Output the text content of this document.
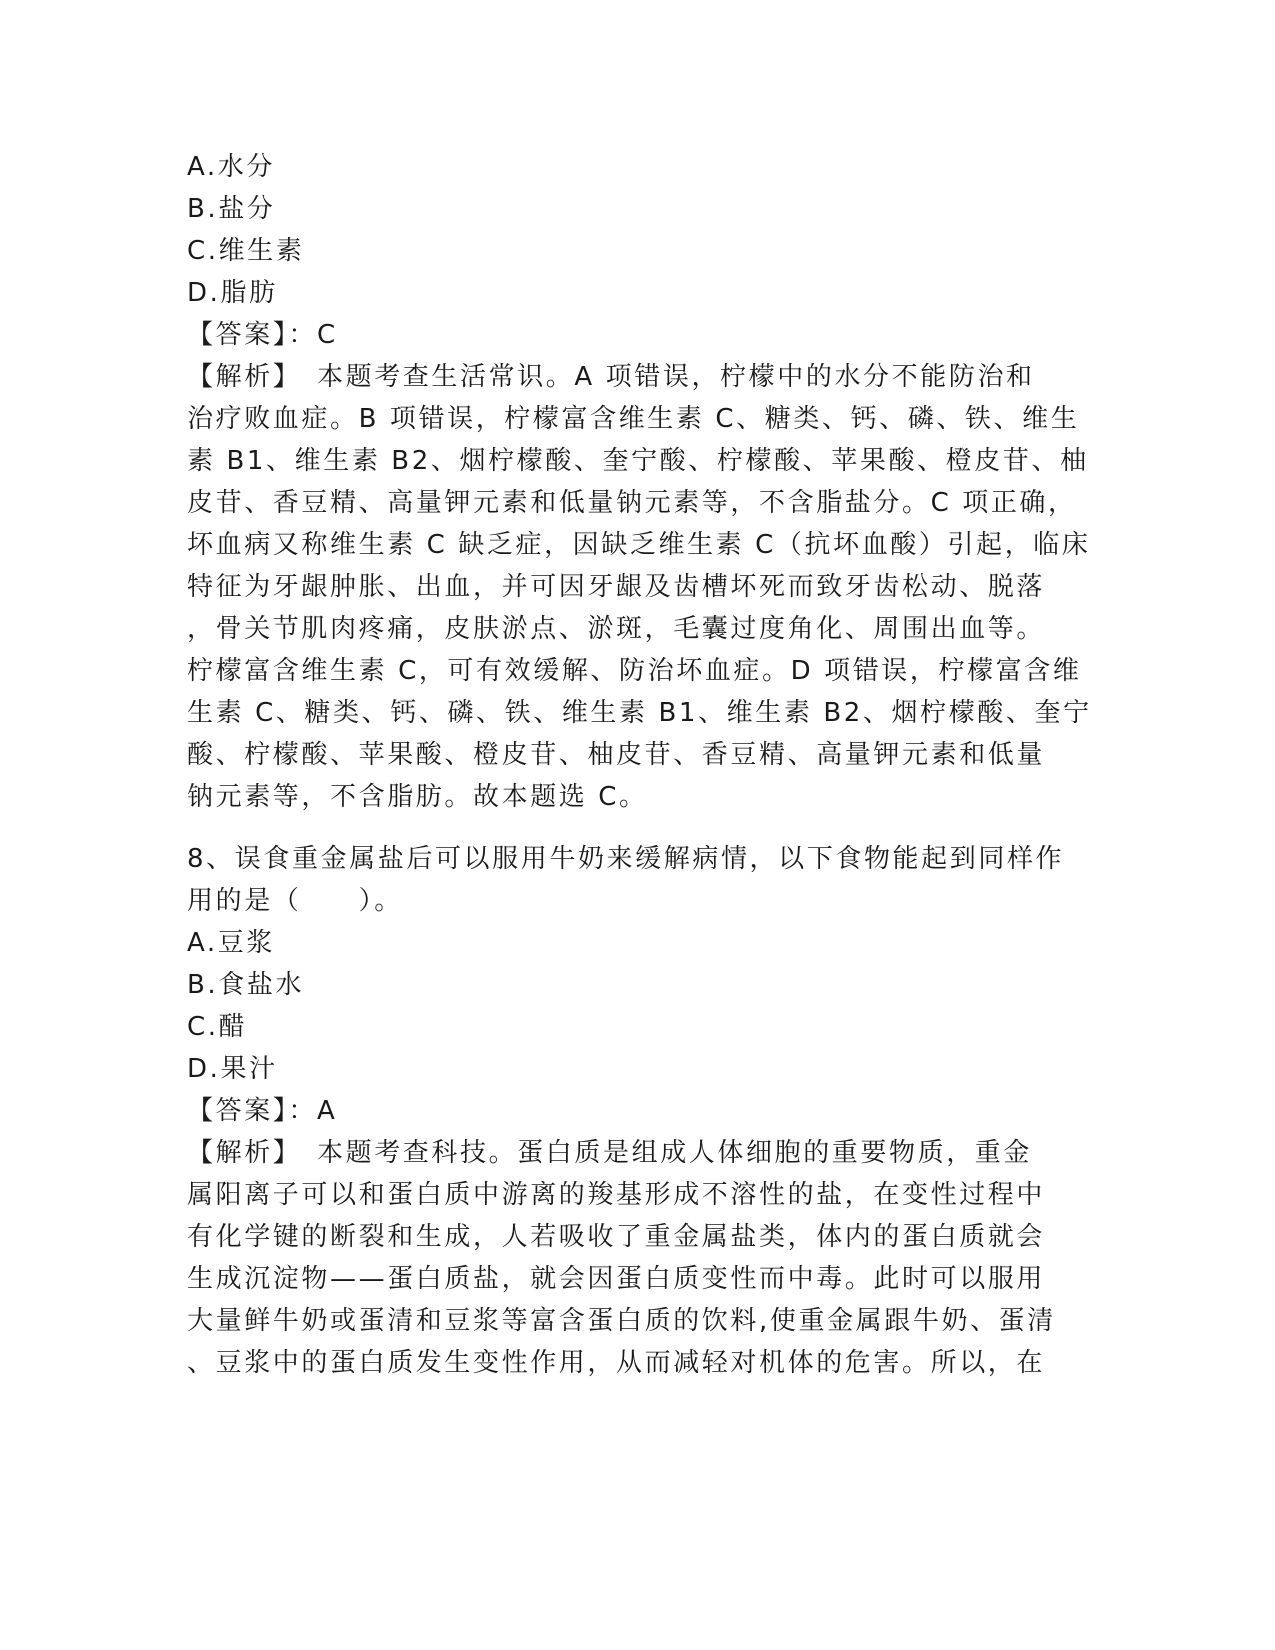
A.水分
B.盐分
C.维生素
D.脂肪
【答案】：C
【解析】　本题考查生活常识。A 项错误，柠檬中的水分不能防治和
治疗败血症。B 项错误，柠檬富含维生素 C、糖类、钙、磷、铁、维生
素 B1、维生素 B2、烟柠檬酸、奎宁酸、柠檬酸、苹果酸、橙皮苷、柚
皮苷、香豆精、高量钾元素和低量钠元素等，不含脂盐分。C 项正确，
坏血病又称维生素 C 缺乏症，因缺乏维生素 C（抗坏血酸）引起，临床
特征为牙龈肿胀、出血，并可因牙龈及齿槽坏死而致牙齿松动、脱落
，骨关节肌肉疼痛，皮肤淤点、淤斑，毛囊过度角化、周围出血等。
柠檬富含维生素 C，可有效缓解、防治坏血症。D 项错误，柠檬富含维
生素 C、糖类、钙、磷、铁、维生素 B1、维生素 B2、烟柠檬酸、奎宁
酸、柠檬酸、苹果酸、橙皮苷、柚皮苷、香豆精、高量钾元素和低量
钠元素等，不含脂肪。故本题选 C。
8、误食重金属盐后可以服用牛奶来缓解病情，以下食物能起到同样作
用的是（　　）。
A.豆浆
B.食盐水
C.醋
D.果汁
【答案】：A
【解析】　本题考查科技。蛋白质是组成人体细胞的重要物质，重金
属阳离子可以和蛋白质中游离的羧基形成不溶性的盐，在变性过程中
有化学键的断裂和生成，人若吸收了重金属盐类，体内的蛋白质就会
生成沉淀物——蛋白质盐，就会因蛋白质变性而中毒。此时可以服用
大量鲜牛奶或蛋清和豆浆等富含蛋白质的饮料,使重金属跟牛奶、蛋清
、豆浆中的蛋白质发生变性作用，从而减轻对机体的危害。所以，在
